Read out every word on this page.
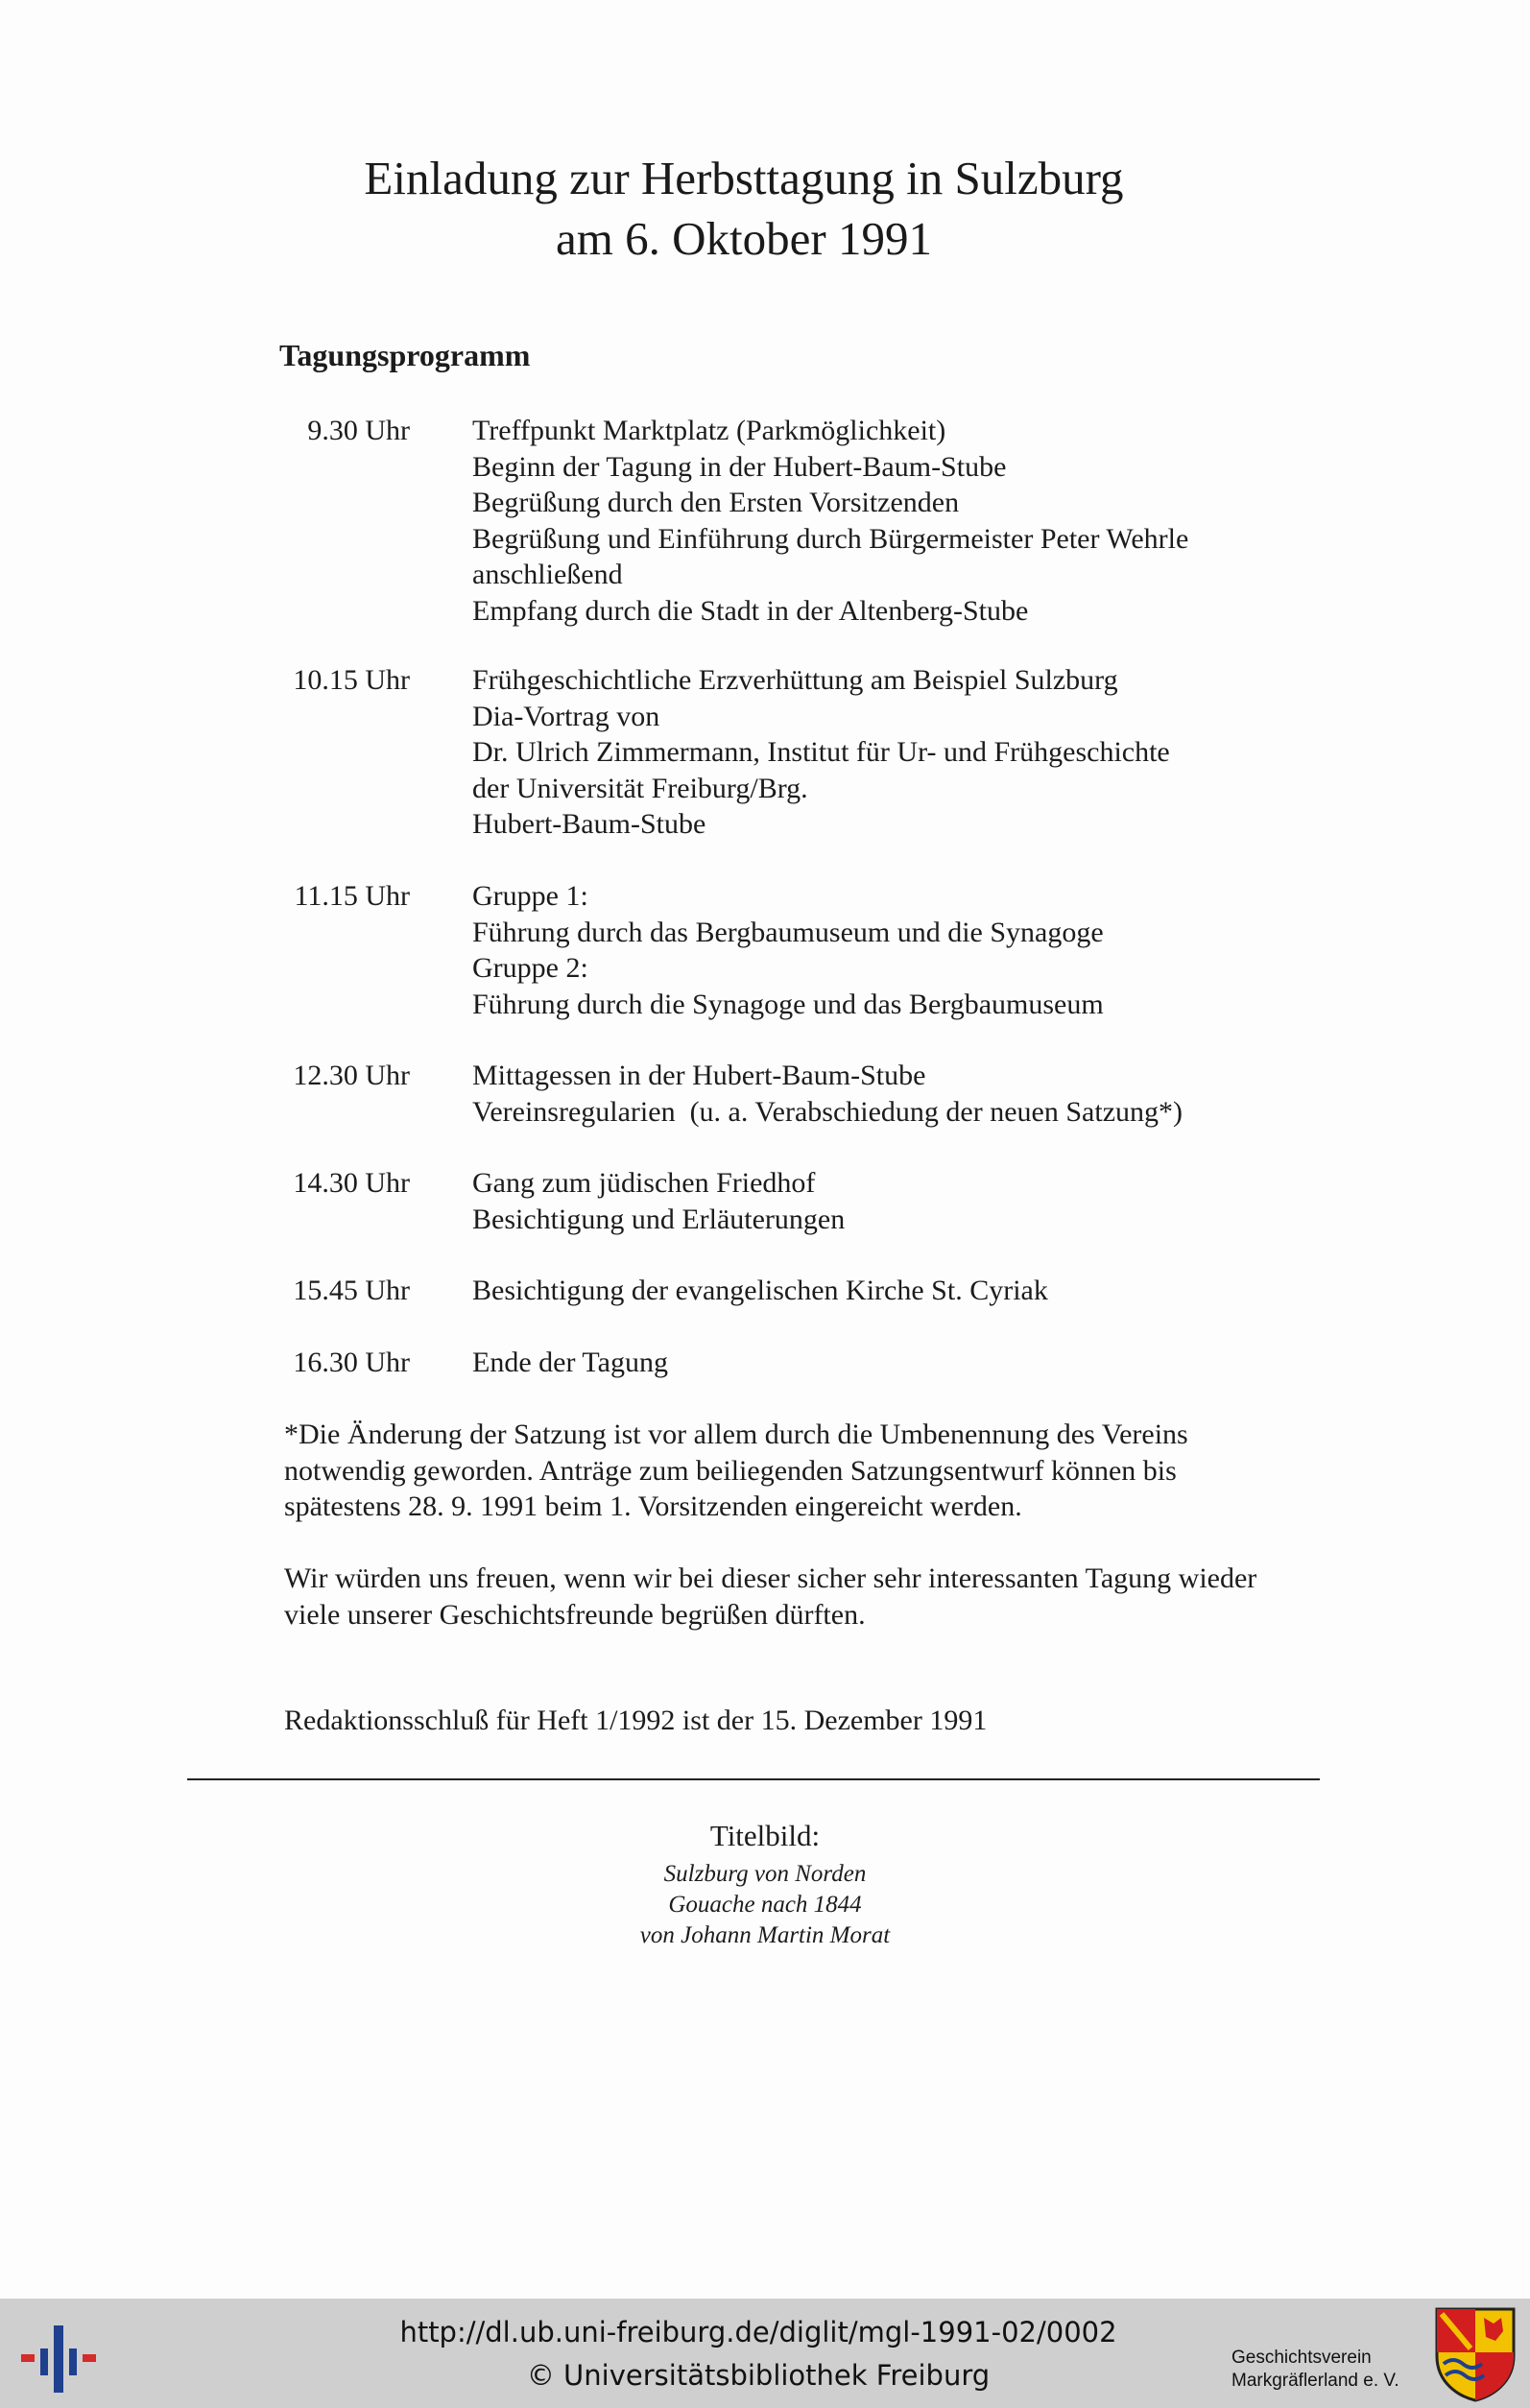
Einladung zur Herbsttagung in Sulzburg
am 6. Oktober 1991
Tagungsprogramm
9.30 Uhr Treffpunkt Marktplatz (Parkmöglichkeit)
Beginn der Tagung in der Hubert-Baum-Stube
Begrüßung durch den Ersten Vorsitzenden
Begrüßung und Einführung durch Bürgermeister Peter Wehrle
anschließend
Empfang durch die Stadt in der Altenberg-Stube
10.15 Uhr Frühgeschichtliche Erzverhüttung am Beispiel Sulzburg
Dia-Vortrag von
Dr. Ulrich Zimmermann, Institut für Ur- und Frühgeschichte
der Universität Freiburg/Brg.
Hubert-Baum-Stube
11.15 Uhr Gruppe 1:
Führung durch das Bergbaumuseum und die Synagoge
Gruppe 2:
Führung durch die Synagoge und das Bergbaumuseum
12.30 Uhr Mittagessen in der Hubert-Baum-Stube
Vereinsregularien  (u. a. Verabschiedung der neuen Satzung*)
14.30 Uhr Gang zum jüdischen Friedhof
Besichtigung und Erläuterungen
15.45 Uhr Besichtigung der evangelischen Kirche St. Cyriak
16.30 Uhr Ende der Tagung
*Die Änderung der Satzung ist vor allem durch die Umbenennung des Vereins
notwendig geworden. Anträge zum beiliegenden Satzungsentwurf können bis
spätestens 28. 9. 1991 beim 1. Vorsitzenden eingereicht werden.
Wir würden uns freuen, wenn wir bei dieser sicher sehr interessanten Tagung wieder
viele unserer Geschichtsfreunde begrüßen dürften.
Redaktionsschluß für Heft 1/1992 ist der 15. Dezember 1991
Titelbild:
Sulzburg von Norden
Gouache nach 1844
von Johann Martin Morat
http://dl.ub.uni-freiburg.de/diglit/mgl-1991-02/0002
© Universitätsbibliothek Freiburg
Geschichtsverein
Markgräflerland e. V.
